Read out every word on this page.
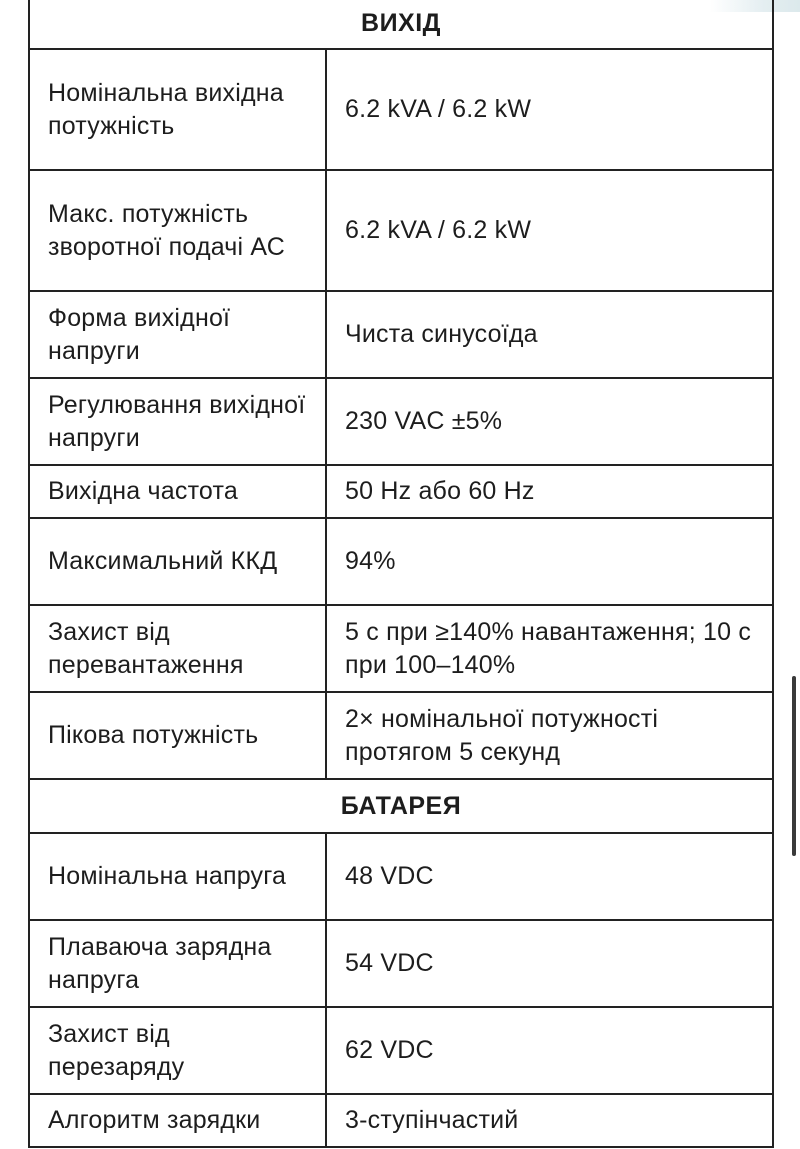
ВИХІД	
Номінальна вихідна потужність	6.2 kVA / 6.2 kW
Макс. потужність зворотної подачі АС	6.2 kVA / 6.2 kW
Форма вихідної напруги	Чиста синусоїда
Регулювання вихідної напруги	230 VAC ±5%
Вихідна частота	50 Hz або 60 Hz
Максимальний ККД	94%
Захист від перевантаження	5 с при ≥140% навантаження; 10 с при 100–140%
Пікова потужність	2× номінальної потужності протягом 5 секунд
БАТАРЕЯ	
Номінальна напруга	48 VDC
Плаваюча зарядна напруга	54 VDC
Захист від перезаряду	62 VDC
Алгоритм зарядки	3-ступінчастий
